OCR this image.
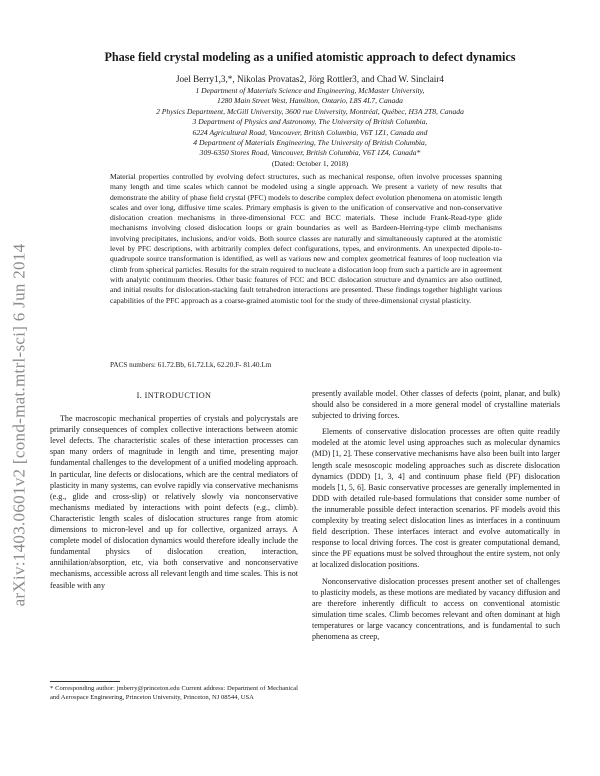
arXiv:1403.0601v2 [cond-mat.mtrl-sci] 6 Jun 2014
Phase field crystal modeling as a unified atomistic approach to defect dynamics
Joel Berry1,3,*, Nikolas Provatas2, Jörg Rottler3, and Chad W. Sinclair4
1 Department of Materials Science and Engineering, McMaster University,
1280 Main Street West, Hamilton, Ontario, L8S 4L7, Canada
2 Physics Department, McGill University, 3600 rue University, Montréal, Québec, H3A 2T8, Canada
3 Department of Physics and Astronomy, The University of British Columbia,
6224 Agricultural Road, Vancouver, British Columbia, V6T 1Z1, Canada and
4 Department of Materials Engineering, The University of British Columbia,
309-6350 Stores Road, Vancouver, British Columbia, V6T 1Z4, Canada*
(Dated: October 1, 2018)
Material properties controlled by evolving defect structures, such as mechanical response, often involve processes spanning many length and time scales which cannot be modeled using a single approach. We present a variety of new results that demonstrate the ability of phase field crystal (PFC) models to describe complex defect evolution phenomena on atomistic length scales and over long, diffusive time scales. Primary emphasis is given to the unification of conservative and non-conservative dislocation creation mechanisms in three-dimensional FCC and BCC materials. These include Frank-Read-type glide mechanisms involving closed dislocation loops or grain boundaries as well as Bardeen-Herring-type climb mechanisms involving precipitates, inclusions, and/or voids. Both source classes are naturally and simultaneously captured at the atomistic level by PFC descriptions, with arbitrarily complex defect configurations, types, and environments. An unexpected dipole-to-quadrupole source transformation is identified, as well as various new and complex geometrical features of loop nucleation via climb from spherical particles. Results for the strain required to nucleate a dislocation loop from such a particle are in agreement with analytic continuum theories. Other basic features of FCC and BCC dislocation structure and dynamics are also outlined, and initial results for dislocation-stacking fault tetrahedron interactions are presented. These findings together highlight various capabilities of the PFC approach as a coarse-grained atomistic tool for the study of three-dimensional crystal plasticity.
PACS numbers: 61.72.Bb, 61.72.Lk, 62.20.F- 81.40.Lm
I. INTRODUCTION

The macroscopic mechanical properties of crystals and polycrystals are primarily consequences of complex collective interactions between atomic level defects. The characteristic scales of these interaction processes can span many orders of magnitude in length and time, presenting major fundamental challenges to the development of a unified modeling approach. In particular, line defects or dislocations, which are the central mediators of plasticity in many systems, can evolve rapidly via conservative mechanisms (e.g., glide and cross-slip) or relatively slowly via nonconservative mechanisms mediated by interactions with point defects (e.g., climb). Characteristic length scales of dislocation structures range from atomic dimensions to micron-level and up for collective, organized arrays. A complete model of dislocation dynamics would therefore ideally include the fundamental physics of dislocation creation, interaction, annihilation/absorption, etc, via both conservative and nonconservative mechanisms, accessible across all relevant length and time scales. This is not feasible with any

presently available model. Other classes of defects (point, planar, and bulk) should also be considered in a more general model of crystalline materials subjected to driving forces.

Elements of conservative dislocation processes are often quite readily modeled at the atomic level using approaches such as molecular dynamics (MD) [1, 2]. These conservative mechanisms have also been built into larger length scale mesoscopic modeling approaches such as discrete dislocation dynamics (DDD) [1, 3, 4] and continuum phase field (PF) dislocation models [1, 5, 6]. Basic conservative processes are generally implemented in DDD with detailed rule-based formulations that consider some number of the innumerable possible defect interaction scenarios. PF models avoid this complexity by treating select dislocation lines as interfaces in a continuum field description. These interfaces interact and evolve automatically in response to local driving forces. The cost is greater computational demand, since the PF equations must be solved throughout the entire system, not only at localized dislocation positions.

Nonconservative dislocation processes present another set of challenges to plasticity models, as these motions are mediated by vacancy diffusion and are therefore inherently difficult to access on conventional atomistic simulation time scales. Climb becomes relevant and often dominant at high temperatures or large vacancy concentrations, and is fundamental to such phenomena as creep,

* Corresponding author: jmberry@princeton.edu Current address: Department of Mechanical and Aerospace Engineering, Princeton University, Princeton, NJ 08544, USA
